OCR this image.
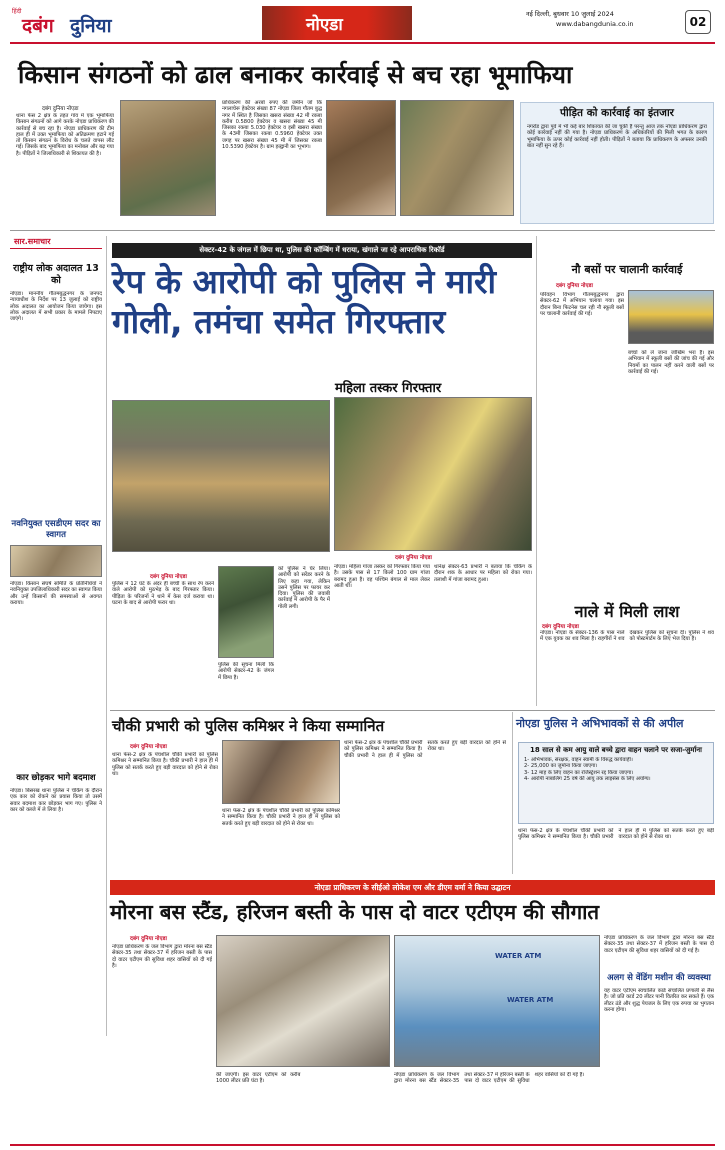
हिंदी
दबंग दुनिया	नोएडा
नई दिल्ली, बुधवार 10 जुलाई 2024
www.dabangdunia.co.in	02
किसान संगठनों को ढाल बनाकर कार्रवाई से बच रहा भूमाफिया
दबंग दुनिया नोएडा
थाना फेस 2 क्षेत्र के तहत गांव में एक भूमाफिया किसान संगठनों को आगे करके नोएडा प्राधिकरण की कार्रवाई से बच रहा है। नोएडा प्राधिकरण की टीम हाल ही में उक्त भूमाफिया को अतिक्रमण हटाने गई तो किसान संगठन के विरोध के चलते वापस लौट गई। जिसके बाद भूमाफिया का मनोबल और बढ़ गया है। पीड़ितों ने जिलाधिकारी से शिकायत की है।
प्राधिकरण की अरबों रुपए की जमीन जो कि नगलाचेरू हेक्टेयर संख्या 87 नोएडा जिला गौतम बुद्ध नगर में स्थित है जिसका खसरा संख्या 42 मी रकबा करीब 0.5800 हेक्टेयर व खसरा संख्या 45 मी जिसका रकबा 5.030 हेक्टेयर व इसी खसरा संख्या के 43मी जिसका रकबा 0.5960 हेक्टेयर उक्त जगह पर खसरा संख्या 45 मी में जिसका रकबा 10.5390 हेक्टेयर है। ग्राम हल्द्वानी का भूभाग।
पीड़ित को कार्रवाई का इंतजार
नगरोड द्वारा पूर्व में भी कई बार शिकायत की जा चुकी है परन्तु आज तक नोएडा प्राधिकरण द्वारा कोई कार्रवाई नहीं की गया है। नोएडा प्राधिकरण के अधिकारियों की मिली भगत के कारण भूमाफिया के ऊपर कोई कार्रवाई नहीं होती। पीड़ितों ने बताया कि प्राधिकरण के अफसर उनकी बात नहीं सुन रहे हैं।
सार.समाचार
राष्ट्रीय लोक अदालत 13 को
नोएडा। माननीय गौतमबुद्धनगर के जनपद न्यायाधीश के निर्देश पर 13 जुलाई को राष्ट्रीय लोक अदालत का आयोजन किया जायेगा। इस लोक अदालत में सभी प्रकार के मामले निपटाए जाएंगे।
नवनियुक्त एसडीएम सदर का स्वागत
नोएडा। किसान संघर्ष समिति के प्रतिनिधियों ने नवनियुक्त उपजिलाधिकारी सदर का स्वागत किया और उन्हें किसानों की समस्याओं से अवगत कराया।
कार छोड़कर भागे बदमाश
नोएडा। बिसरख थाना पुलिस ने चेकिंग के दौरान एक कार को रोकने का प्रयास किया तो उसमें सवार बदमाश कार छोड़कर भाग गए। पुलिस ने कार को कब्जे में ले लिया है।
सेक्टर-42 के जंगल में छिपा था, पुलिस की कॉम्बिंग में धराया, खंगाले जा रहे आपराधिक रिकॉर्ड
रेप के आरोपी को पुलिस ने मारी गोली, तमंचा समेत गिरफ्तार
महिला तस्कर गिरफ्तार
दबंग दुनिया नोएडा
पुलिस ने 12 घंटे के अंदर ही बच्ची के साथ रेप करने वाले आरोपी को मुठभेड़ के बाद गिरफ्तार किया। पीड़िता के परिजनों ने थाने में केस दर्ज कराया था। घटना के बाद से आरोपी फरार था।
पुलिस की सूचना मिली कि आरोपी सेक्टर-42 के जंगल में छिपा है।
को पुलिस ने घेर लिया। आरोपी को सरेंडर करने के लिए कहा गया, लेकिन उसने पुलिस पर फायर कर दिया। पुलिस की जवाबी कार्रवाई में आरोपी के पैर में गोली लगी।
दबंग दुनिया नोएडा
नोएडा। महिला गांजा तस्कर को गिरफ्तार किया गया है। उसके पास से 17 किलो 100 ग्राम गांजा बरामद हुआ है। वह पश्चिम बंगाल से माल लेकर आती थी।
थानेक्ष सेक्टर-63 प्रभारी ने बताया कि चेकिंग के दौरान शक के आधार पर महिला को रोका गया। तलाशी में गांजा बरामद हुआ।
नौ बसों पर चालानी कार्रवाई
दबंग दुनिया नोएडा
परिवहन विभाग गौतमबुद्धनगर द्वारा सेक्टर-62 में अभियान चलाया गया। इस दौरान बिना फिटनेस चल रही नौ स्कूली बसों पर चालानी कार्रवाई की गई।
बच्चों को ले जाना जोखिम भरा है। इस अभियान में स्कूली बसों की जांच की गई और नियमों का पालन नहीं करने वाली बसों पर कार्रवाई की गई।
नाले में मिली लाश
दबंग दुनिया नोएडा
नोएडा। नोएडा के सेक्टर-136 के पास नाले में एक युवक का शव मिला है। राहगीरों ने शव देखकर पुलिस को सूचना दी। पुलिस ने शव को पोस्टमार्टम के लिए भेज दिया है।
चौकी प्रभारी को पुलिस कमिश्नर ने किया सम्मानित
दबंग दुनिया नोएडा
थाना फेस-2 क्षेत्र के पंचशील चौकी प्रभारी को पुलिस कमिश्नर ने सम्मानित किया है। चौकी प्रभारी ने हाल ही में पुलिस को सतर्क करते हुए बड़ी वारदात को होने से रोका था।
थाना फेस-2 क्षेत्र के पंचशील चौकी प्रभारी को पुलिस कमिश्नर ने सम्मानित किया है। चौकी प्रभारी ने हाल ही में पुलिस को सतर्क करते हुए बड़ी वारदात को होने से रोका था।
थाना फेस-2 क्षेत्र के पंचशील चौकी प्रभारी को पुलिस कमिश्नर ने सम्मानित किया है। चौकी प्रभारी ने हाल ही में पुलिस को सतर्क करते हुए बड़ी वारदात को होने से रोका था।
नोएडा पुलिस ने अभिभावकों से की अपील
18 साल से कम आयु वाले बच्चे द्वारा वाहन चलाने पर सजा-जुर्माना
1- अभिभावक, संरक्षक, वाहन स्वामी के विरुद्ध कार्यवाही।
2- 25,000 का जुर्माना किया जाएगा।
3- 12 माह के लिए वाहन का रजिस्ट्रेशन रद्द किया जाएगा।
4- आरोपी नाबालिग 25 वर्ष की आयु तक लाइसेंस के लिए अयोग्य।
थाना फेस-2 क्षेत्र के पंचशील चौकी प्रभारी को पुलिस कमिश्नर ने सम्मानित किया है। चौकी प्रभारी ने हाल ही में पुलिस को सतर्क करते हुए बड़ी वारदात को होने से रोका था।
नोएडा प्राधिकरण के सीईओ लोकेश एम और डीएम वर्मा ने किया उद्घाटन
मोरना बस स्टैंड, हरिजन बस्ती के पास दो वाटर एटीएम की सौगात
दबंग दुनिया नोएडा
नोएडा प्राधिकरण के जल विभाग द्वारा मोरना बस स्टैंड सेक्टर-35 तथा सेक्टर-37 में हरिजन बस्ती के पास दो वाटर एटीएम की सुविधा शहर वासियों को दी गई है।
की जाएगी। इस वाटर एटीएम को करीब 1000 लीटर प्रति घंटा है।
WATER ATM
WATER ATM
नोएडा प्राधिकरण के जल विभाग द्वारा मोरना बस स्टैंड सेक्टर-35 तथा सेक्टर-37 में हरिजन बस्ती के पास दो वाटर एटीएम की सुविधा शहर वासियों को दी गई है।
नोएडा प्राधिकरण के जल विभाग द्वारा मोरना बस स्टैंड सेक्टर-35 तथा सेक्टर-37 में हरिजन बस्ती के पास दो वाटर एटीएम की सुविधा शहर वासियों को दी गई है।
अलग से वेंडिंग मशीन की व्यवस्था
यह वाटर एटीएम स्वचालित कार्ड संचालित प्रणाली से लैस है। जो प्रति कार्ड 20 लीटर पानी वितरित कर सकते हैं। एक लीटर ठंडे और शुद्ध पेयजल के लिए एक रुपया का भुगतान करना होगा।
